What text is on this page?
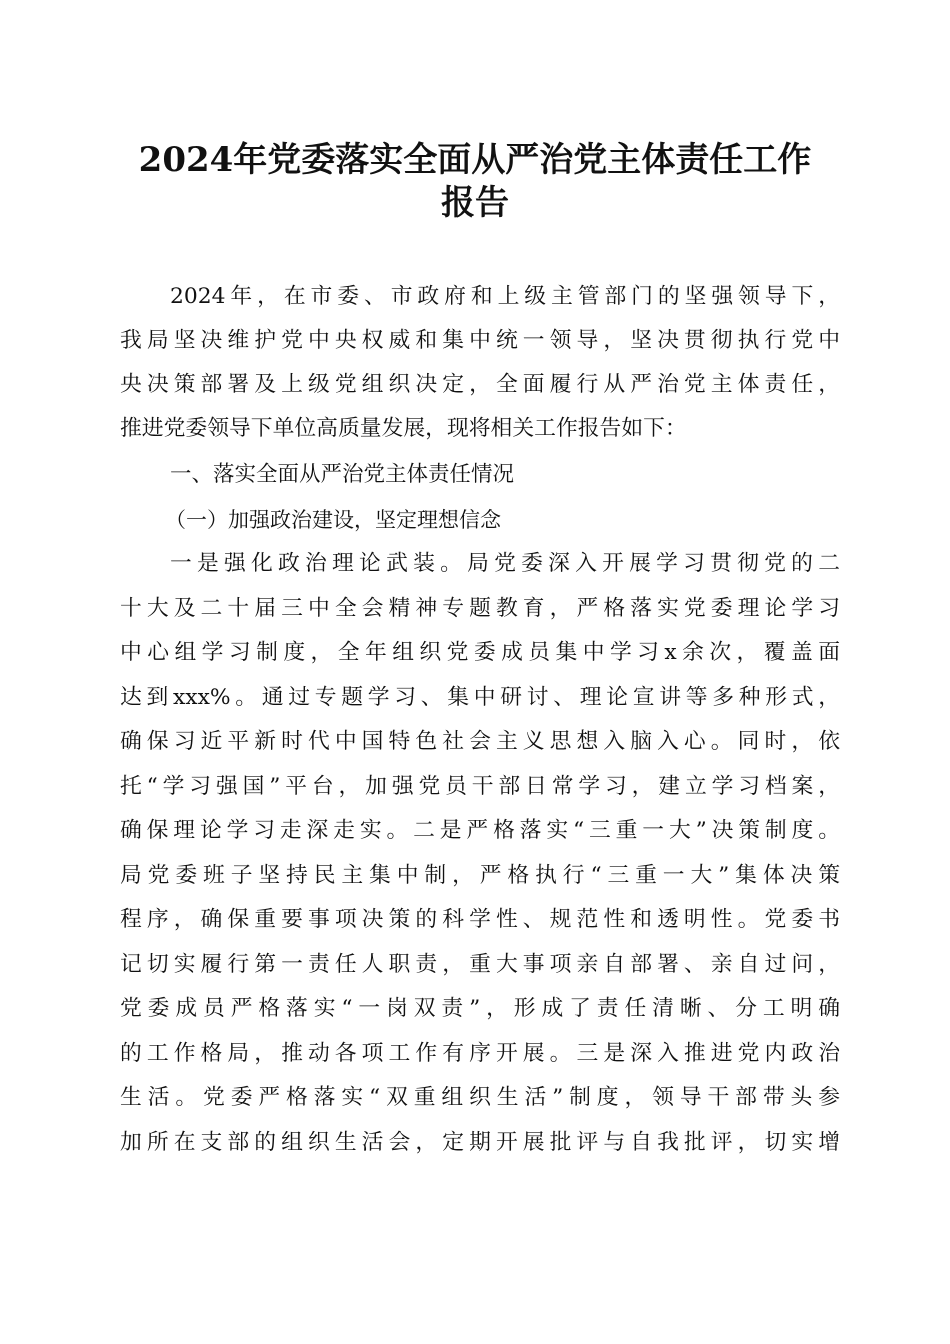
2024年党委落实全面从严治党主体责任工作
报告

2024年，在市委、市政府和上级主管部门的坚强领导下，

我局坚决维护党中央权威和集中统一领导，坚决贯彻执行党中

央决策部署及上级党组织决定，全面履行从严治党主体责任，

推进党委领导下单位高质量发展，现将相关工作报告如下：

一、落实全面从严治党主体责任情况

（一）加强政治建设，坚定理想信念

一是强化政治理论武装。局党委深入开展学习贯彻党的二

十大及二十届三中全会精神专题教育，严格落实党委理论学习

中心组学习制度，全年组织党委成员集中学习x余次，覆盖面

达到xxx%。通过专题学习、集中研讨、理论宣讲等多种形式，

确保习近平新时代中国特色社会主义思想入脑入心。同时，依

托“学习强国”平台，加强党员干部日常学习，建立学习档案，

确保理论学习走深走实。二是严格落实“三重一大”决策制度。

局党委班子坚持民主集中制，严格执行“三重一大”集体决策

程序，确保重要事项决策的科学性、规范性和透明性。党委书

记切实履行第一责任人职责，重大事项亲自部署、亲自过问，

党委成员严格落实“一岗双责”，形成了责任清晰、分工明确

的工作格局，推动各项工作有序开展。三是深入推进党内政治

生活。党委严格落实“双重组织生活”制度，领导干部带头参

加所在支部的组织生活会，定期开展批评与自我批评，切实增
